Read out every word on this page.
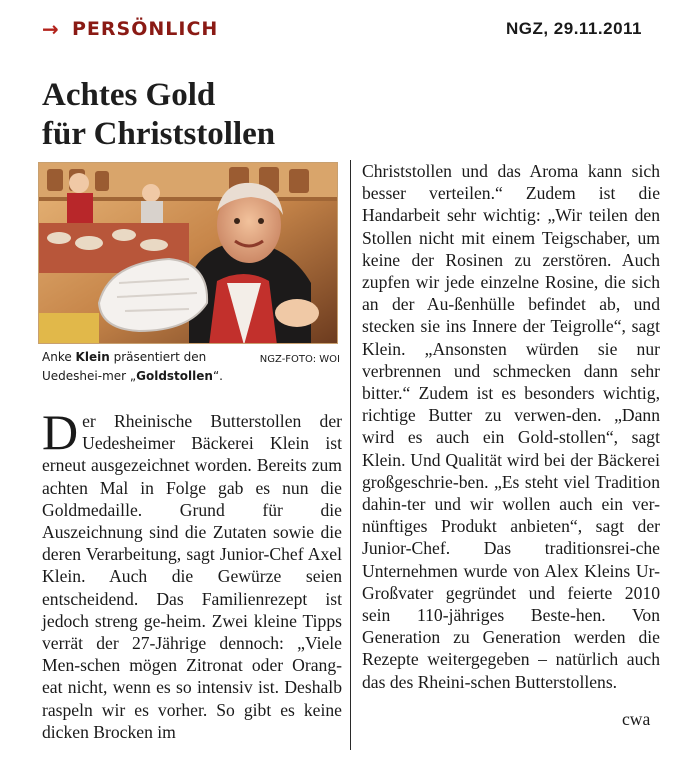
→ PERSÖNLICH	NGZ, 29.11.2011
Achtes Gold
für Christstollen
NGZ-FOTO: WOI
Anke Klein präsentiert den Uedeshei-mer „Goldstollen“.

Der Rheinische Butterstollen der Uedesheimer Bäckerei Klein ist erneut ausgezeichnet worden. Bereits zum achten Mal in Folge gab es nun die Goldmedaille. Grund für die Auszeichnung sind die Zutaten sowie die deren Verarbeitung, sagt Junior-Chef Axel Klein. Auch die Gewürze seien entscheidend. Das Familienrezept ist jedoch streng ge-heim. Zwei kleine Tipps verrät der 27-Jährige dennoch: „Viele Men-schen mögen Zitronat oder Orang-eat nicht, wenn es so intensiv ist. Deshalb raspeln wir es vorher. So gibt es keine dicken Brocken im

Christstollen und das Aroma kann sich besser verteilen.“ Zudem ist die Handarbeit sehr wichtig: „Wir teilen den Stollen nicht mit einem Teigschaber, um keine der Rosinen zu zerstören. Auch zupfen wir jede einzelne Rosine, die sich an der Au-ßenhülle befindet ab, und stecken sie ins Innere der Teigrolle“, sagt Klein. „Ansonsten würden sie nur verbrennen und schmecken dann sehr bitter.“ Zudem ist es besonders wichtig, richtige Butter zu verwen-den. „Dann wird es auch ein Gold-stollen“, sagt Klein. Und Qualität wird bei der Bäckerei großgeschrie-ben. „Es steht viel Tradition dahin-ter und wir wollen auch ein ver-nünftiges Produkt anbieten“, sagt der Junior-Chef. Das traditionsrei-che Unternehmen wurde von Alex Kleins Ur-Großvater gegründet und feierte 2010 sein 110-jähriges Beste-hen. Von Generation zu Generation werden die Rezepte weitergegeben – natürlich auch das des Rheini-schen Butterstollens.

cwa
